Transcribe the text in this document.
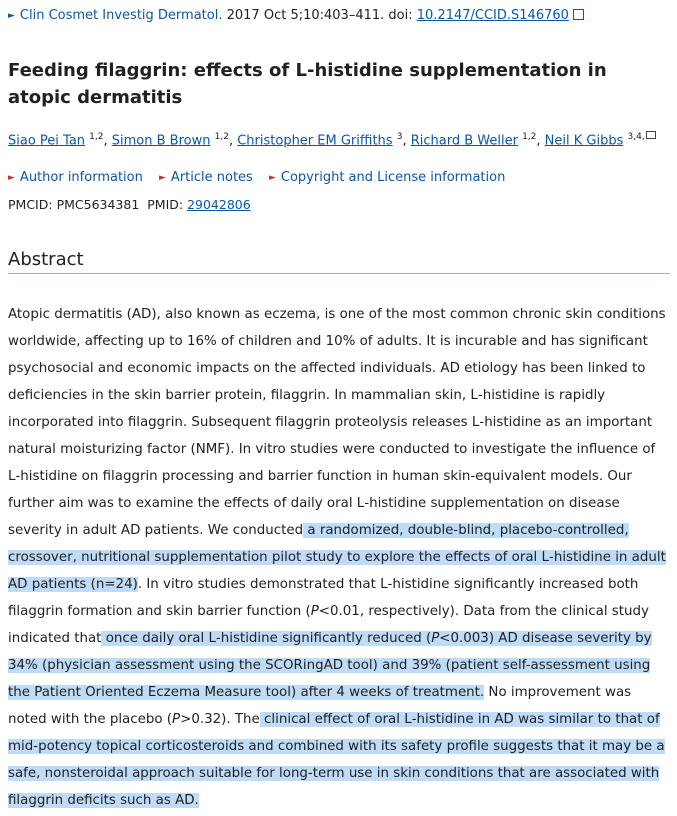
► Clin Cosmet Investig Dermatol. 2017 Oct 5;10:403–411. doi: 10.2147/CCID.S146760
Feeding filaggrin: effects of L-histidine supplementation in atopic dermatitis
Siao Pei Tan $^{1,2}$, Simon B Brown $^{1,2}$, Christopher EM Griffiths $^3$, Richard B Weller $^{1,2}$, Neil K Gibbs $^{3,4,}$
► Author information ► Article notes ► Copyright and License information
PMCID: PMC5634381 PMID: 29042806
Abstract

Atopic dermatitis (AD), also known as eczema, is one of the most common chronic skin conditions worldwide, affecting up to 16% of children and 10% of adults. It is incurable and has significant psychosocial and economic impacts on the affected individuals. AD etiology has been linked to deficiencies in the skin barrier protein, filaggrin. In mammalian skin, L-histidine is rapidly incorporated into filaggrin. Subsequent filaggrin proteolysis releases L-histidine as an important natural moisturizing factor (NMF). In vitro studies were conducted to investigate the influence of L-histidine on filaggrin processing and barrier function in human skin-equivalent models. Our further aim was to examine the effects of daily oral L-histidine supplementation on disease severity in adult AD patients. We conducted a randomized, double-blind, placebo-controlled, crossover, nutritional supplementation pilot study to explore the effects of oral L-histidine in adult AD patients (n=24). In vitro studies demonstrated that L-histidine significantly increased both filaggrin formation and skin barrier function (P<0.01, respectively). Data from the clinical study indicated that once daily oral L-histidine significantly reduced (P<0.003) AD disease severity by 34% (physician assessment using the SCORingAD tool) and 39% (patient self-assessment using the Patient Oriented Eczema Measure tool) after 4 weeks of treatment. No improvement was noted with the placebo (P>0.32). The clinical effect of oral L-histidine in AD was similar to that of mid-potency topical corticosteroids and combined with its safety profile suggests that it may be a safe, nonsteroidal approach suitable for long-term use in skin conditions that are associated with filaggrin deficits such as AD.
